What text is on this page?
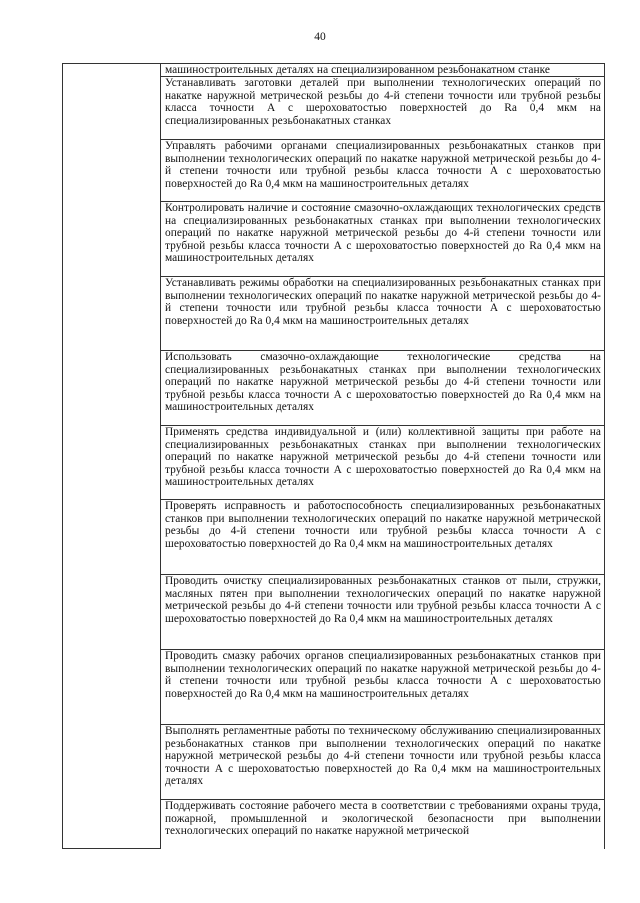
40

машиностроительных деталях на специализированном резьбонакатном станке

Устанавливать заготовки деталей при выполнении технологических операций по накатке наружной метрической резьбы до 4-й степени точности или трубной резьбы класса точности А с шероховатостью поверхностей до Ra 0,4 мкм на специализированных резьбонакатных станках

Управлять рабочими органами специализированных резьбонакатных станков при выполнении технологических операций по накатке наружной метрической резьбы до 4-й степени точности или трубной резьбы класса точности А с шероховатостью поверхностей до Ra 0,4 мкм на машиностроительных деталях

Контролировать наличие и состояние смазочно-охлаждающих технологических средств на специализированных резьбонакатных станках при выполнении технологических операций по накатке наружной метрической резьбы до 4-й степени точности или трубной резьбы класса точности А с шероховатостью поверхностей до Ra 0,4 мкм на машиностроительных деталях

Устанавливать режимы обработки на специализированных резьбонакатных станках при выполнении технологических операций по накатке наружной метрической резьбы до 4-й степени точности или трубной резьбы класса точности А с шероховатостью поверхностей до Ra 0,4 мкм на машиностроительных деталях

Использовать смазочно-охлаждающие технологические средства на специализированных резьбонакатных станках при выполнении технологических операций по накатке наружной метрической резьбы до 4-й степени точности или трубной резьбы класса точности А с шероховатостью поверхностей до Ra 0,4 мкм на машиностроительных деталях

Применять средства индивидуальной и (или) коллективной защиты при работе на специализированных резьбонакатных станках при выполнении технологических операций по накатке наружной метрической резьбы до 4-й степени точности или трубной резьбы класса точности А с шероховатостью поверхностей до Ra 0,4 мкм на машиностроительных деталях

Проверять исправность и работоспособность специализированных резьбонакатных станков при выполнении технологических операций по накатке наружной метрической резьбы до 4-й степени точности или трубной резьбы класса точности А с шероховатостью поверхностей до Ra 0,4 мкм на машиностроительных деталях

Проводить очистку специализированных резьбонакатных станков от пыли, стружки, масляных пятен при выполнении технологических операций по накатке наружной метрической резьбы до 4-й степени точности или трубной резьбы класса точности А с шероховатостью поверхностей до Ra 0,4 мкм на машиностроительных деталях

Проводить смазку рабочих органов специализированных резьбонакатных станков при выполнении технологических операций по накатке наружной метрической резьбы до 4-й степени точности или трубной резьбы класса точности А с шероховатостью поверхностей до Ra 0,4 мкм на машиностроительных деталях

Выполнять регламентные работы по техническому обслуживанию специализированных резьбонакатных станков при выполнении технологических операций по накатке наружной метрической резьбы до 4-й степени точности или трубной резьбы класса точности А с шероховатостью поверхностей до Ra 0,4 мкм на машиностроительных деталях

Поддерживать состояние рабочего места в соответствии с требованиями охраны труда, пожарной, промышленной и экологической безопасности при выполнении технологических операций по накатке наружной метрической
